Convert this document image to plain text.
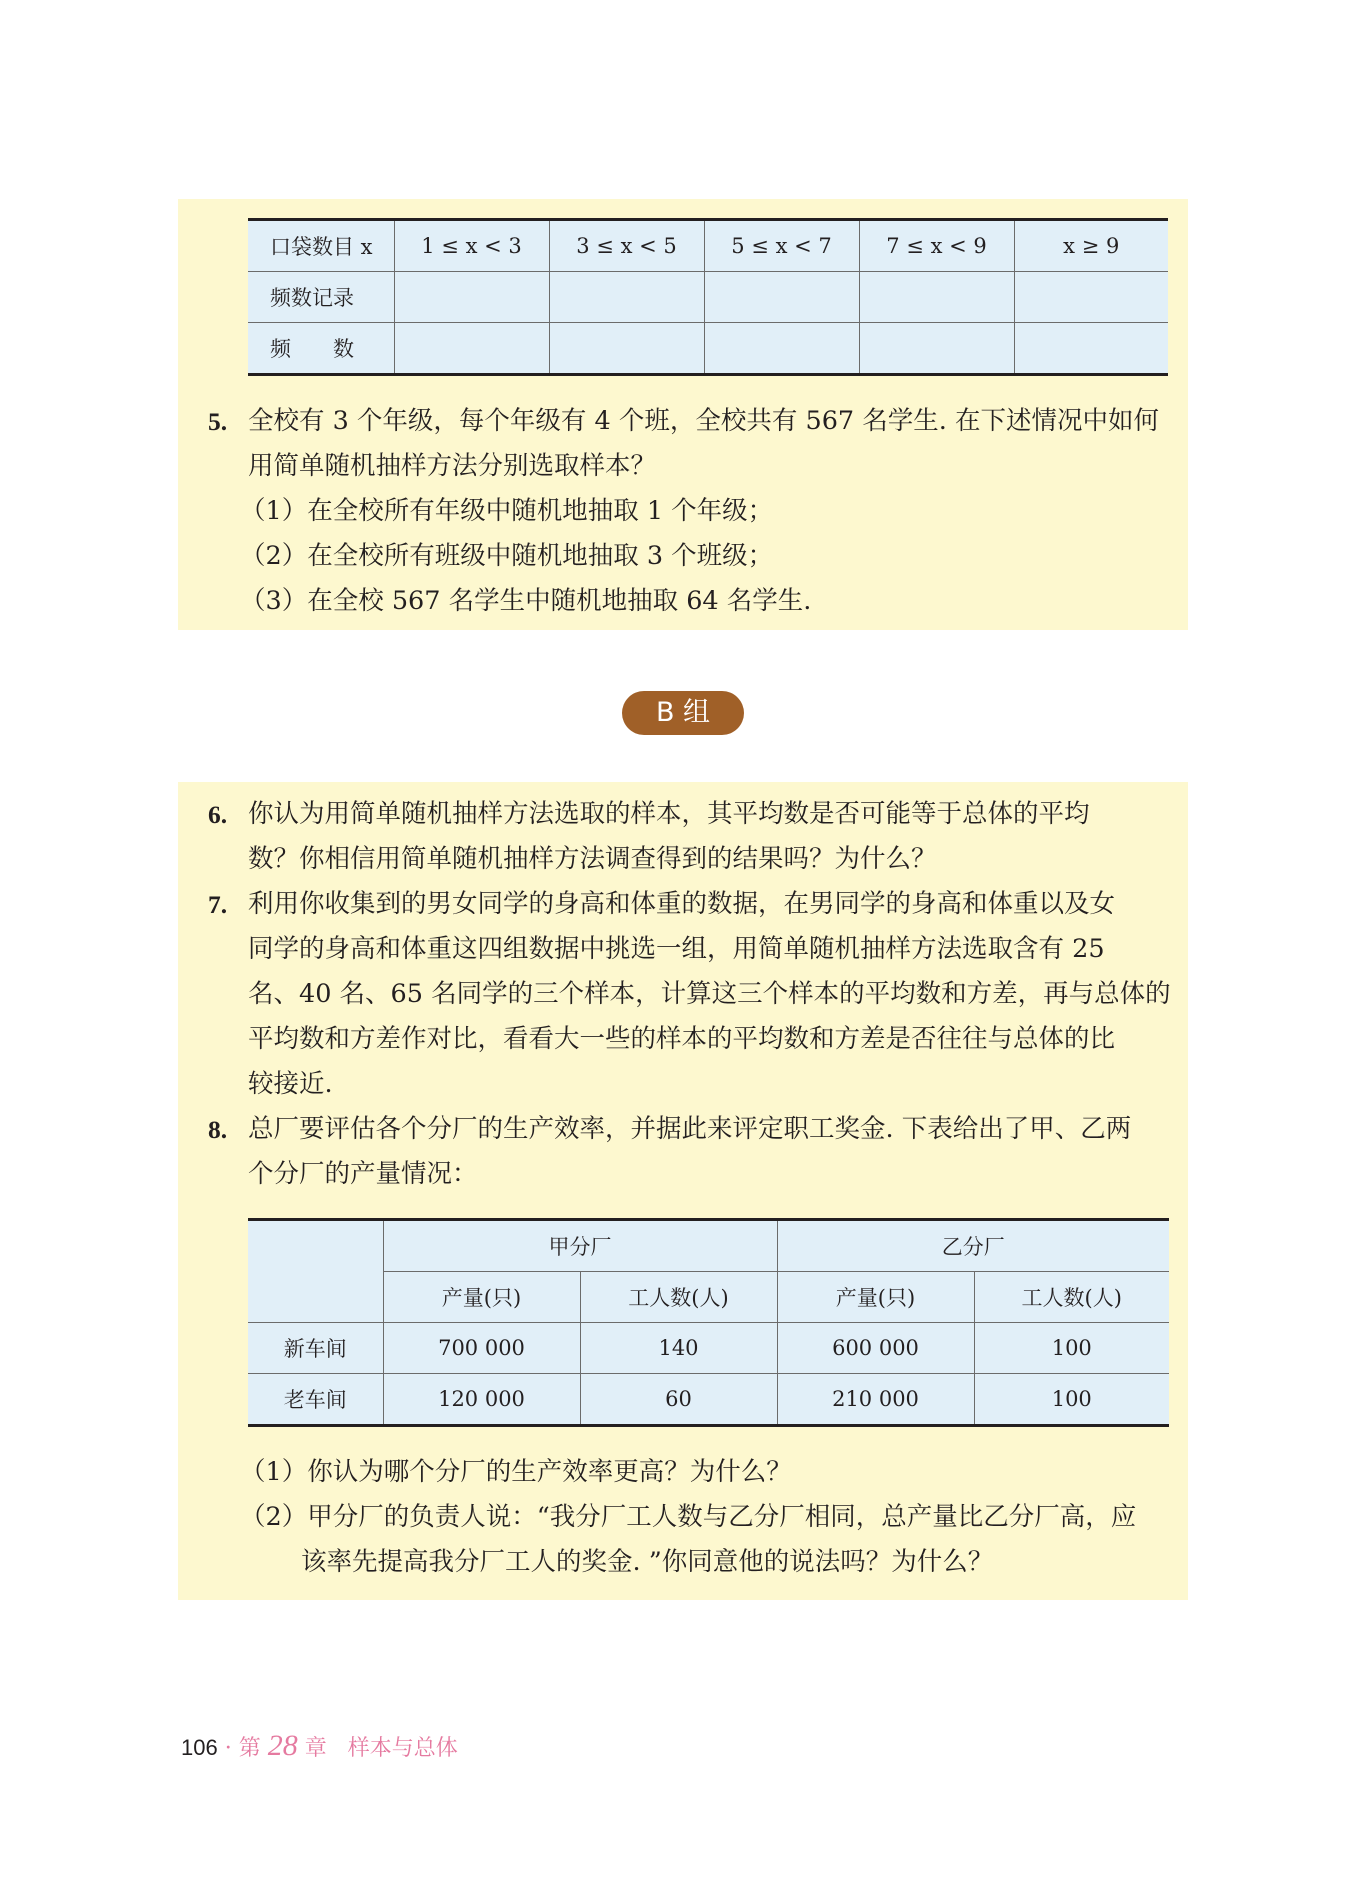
口袋数目 x	1 ≤ x < 3	3 ≤ x < 5	5 ≤ x < 7	7 ≤ x < 9	x ≥ 9
频数记录					
频　　数					
5. 全校有 3 个年级，每个年级有 4 个班，全校共有 567 名学生. 在下述情况中如何
用简单随机抽样方法分别选取样本？
（1）在全校所有年级中随机地抽取 1 个年级；
（2）在全校所有班级中随机地抽取 3 个班级；
（3）在全校 567 名学生中随机地抽取 64 名学生.
B 组
6. 你认为用简单随机抽样方法选取的样本，其平均数是否可能等于总体的平均
数？你相信用简单随机抽样方法调查得到的结果吗？为什么？
7. 利用你收集到的男女同学的身高和体重的数据，在男同学的身高和体重以及女
同学的身高和体重这四组数据中挑选一组，用简单随机抽样方法选取含有 25
名、40 名、65 名同学的三个样本，计算这三个样本的平均数和方差，再与总体的
平均数和方差作对比，看看大一些的样本的平均数和方差是否往往与总体的比
较接近.
8. 总厂要评估各个分厂的生产效率，并据此来评定职工奖金. 下表给出了甲、乙两
个分厂的产量情况：
	甲分厂		乙分厂	
	产量(只)	工人数(人)	产量(只)	工人数(人)
新车间	700 000	140	600 000	100
老车间	120 000	60	210 000	100
（1）你认为哪个分厂的生产效率更高？为什么？
（2）甲分厂的负责人说：“我分厂工人数与乙分厂相同，总产量比乙分厂高，应
该率先提高我分厂工人的奖金. ”你同意他的说法吗？为什么？
106 · 第 28 章 样本与总体
